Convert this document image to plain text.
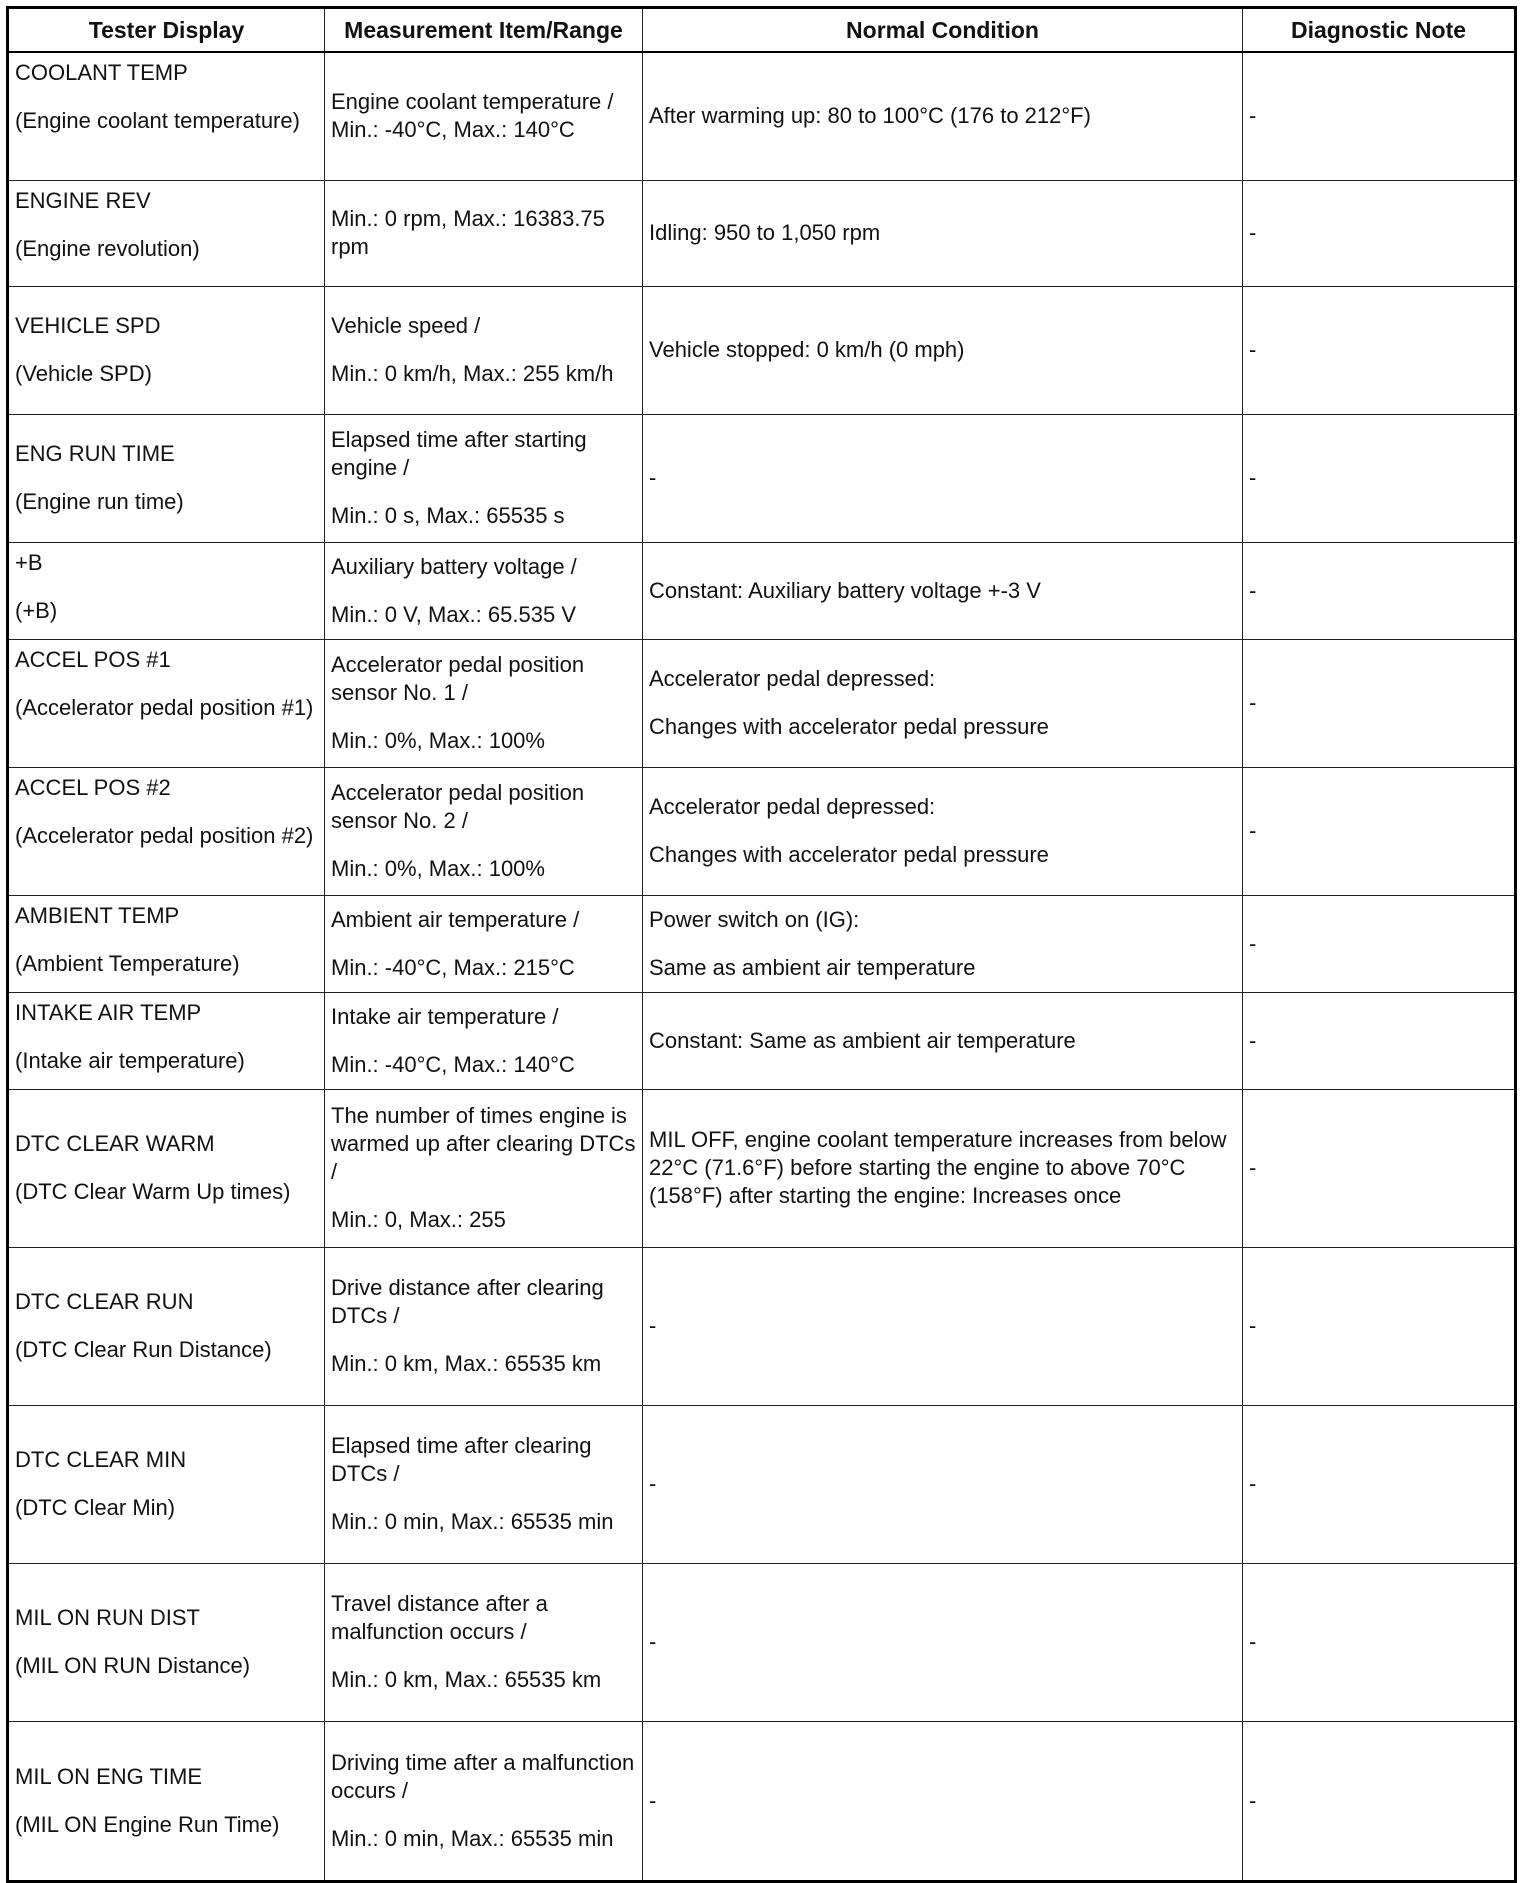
Tester Display	Measurement Item/Range	Normal Condition	Diagnostic Note

COOLANT TEMP
(Engine coolant temperature)	Engine coolant temperature / Min.: -40°C, Max.: 140°C	After warming up: 80 to 100°C (176 to 212°F)	-

ENGINE REV
(Engine revolution)	Min.: 0 rpm, Max.: 16383.75 rpm	Idling: 950 to 1,050 rpm	-

VEHICLE SPD
(Vehicle SPD)	Vehicle speed /
Min.: 0 km/h, Max.: 255 km/h	Vehicle stopped: 0 km/h (0 mph)	-

ENG RUN TIME
(Engine run time)	Elapsed time after starting engine /
Min.: 0 s, Max.: 65535 s	-	-

+B
(+B)	Auxiliary battery voltage /
Min.: 0 V, Max.: 65.535 V	Constant: Auxiliary battery voltage +-3 V	-

ACCEL POS #1
(Accelerator pedal position #1)	Accelerator pedal position sensor No. 1 /
Min.: 0%, Max.: 100%	Accelerator pedal depressed:
Changes with accelerator pedal pressure	-

ACCEL POS #2
(Accelerator pedal position #2)	Accelerator pedal position sensor No. 2 /
Min.: 0%, Max.: 100%	Accelerator pedal depressed:
Changes with accelerator pedal pressure	-

AMBIENT TEMP
(Ambient Temperature)	Ambient air temperature /
Min.: -40°C, Max.: 215°C	Power switch on (IG):
Same as ambient air temperature	-

INTAKE AIR TEMP
(Intake air temperature)	Intake air temperature /
Min.: -40°C, Max.: 140°C	Constant: Same as ambient air temperature	-

DTC CLEAR WARM
(DTC Clear Warm Up times)	The number of times engine is warmed up after clearing DTCs /
Min.: 0, Max.: 255	MIL OFF, engine coolant temperature increases from below 22°C (71.6°F) before starting the engine to above 70°C (158°F) after starting the engine: Increases once	-

DTC CLEAR RUN
(DTC Clear Run Distance)	Drive distance after clearing DTCs /
Min.: 0 km, Max.: 65535 km	-	-

DTC CLEAR MIN
(DTC Clear Min)	Elapsed time after clearing DTCs /
Min.: 0 min, Max.: 65535 min	-	-

MIL ON RUN DIST
(MIL ON RUN Distance)	Travel distance after a malfunction occurs /
Min.: 0 km, Max.: 65535 km	-	-

MIL ON ENG TIME
(MIL ON Engine Run Time)	Driving time after a malfunction occurs /
Min.: 0 min, Max.: 65535 min	-	-
